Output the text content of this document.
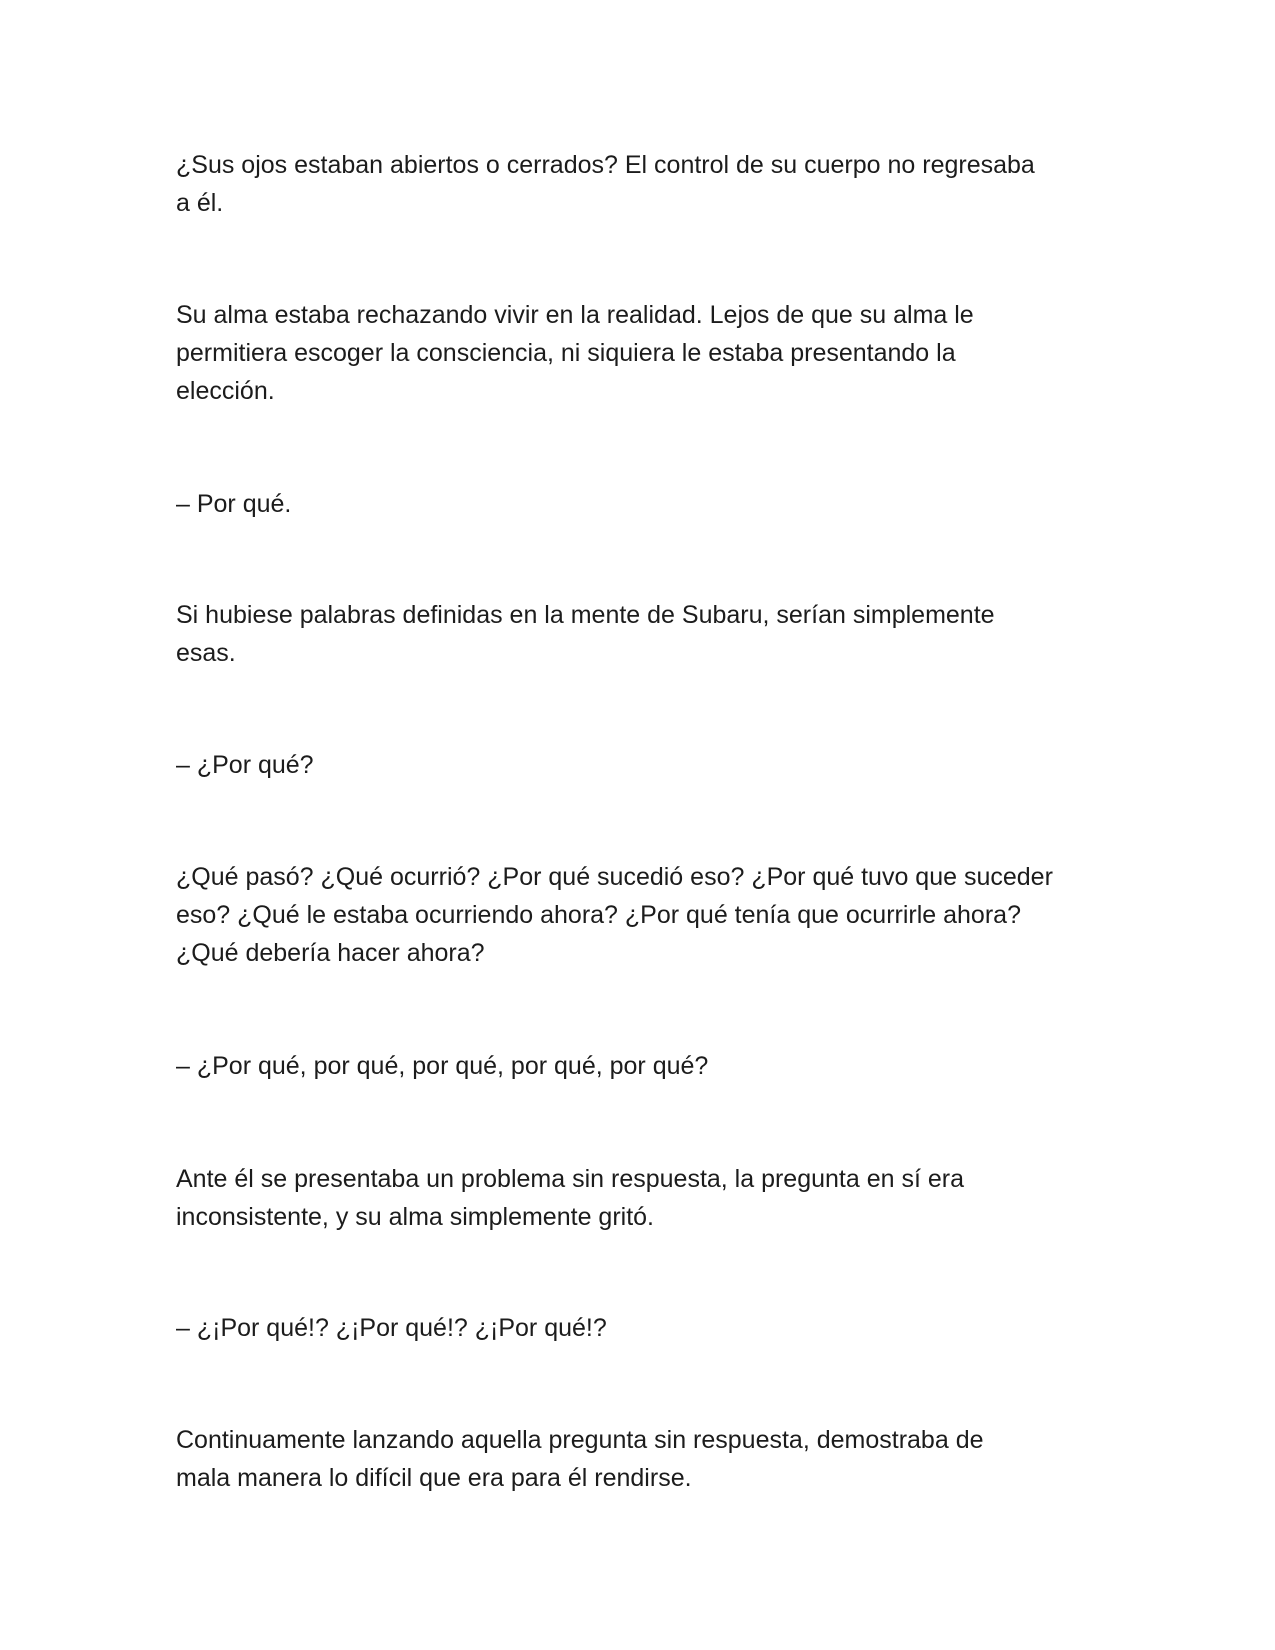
¿Sus ojos estaban abiertos o cerrados? El control de su cuerpo no regresaba
a él.

Su alma estaba rechazando vivir en la realidad. Lejos de que su alma le
permitiera escoger la consciencia, ni siquiera le estaba presentando la
elección.

– Por qué.

Si hubiese palabras definidas en la mente de Subaru, serían simplemente
esas.

– ¿Por qué?

¿Qué pasó? ¿Qué ocurrió? ¿Por qué sucedió eso? ¿Por qué tuvo que suceder
eso? ¿Qué le estaba ocurriendo ahora? ¿Por qué tenía que ocurrirle ahora?
¿Qué debería hacer ahora?

– ¿Por qué, por qué, por qué, por qué, por qué?

Ante él se presentaba un problema sin respuesta, la pregunta en sí era
inconsistente, y su alma simplemente gritó.

– ¿¡Por qué!? ¿¡Por qué!? ¿¡Por qué!?

Continuamente lanzando aquella pregunta sin respuesta, demostraba de
mala manera lo difícil que era para él rendirse.
